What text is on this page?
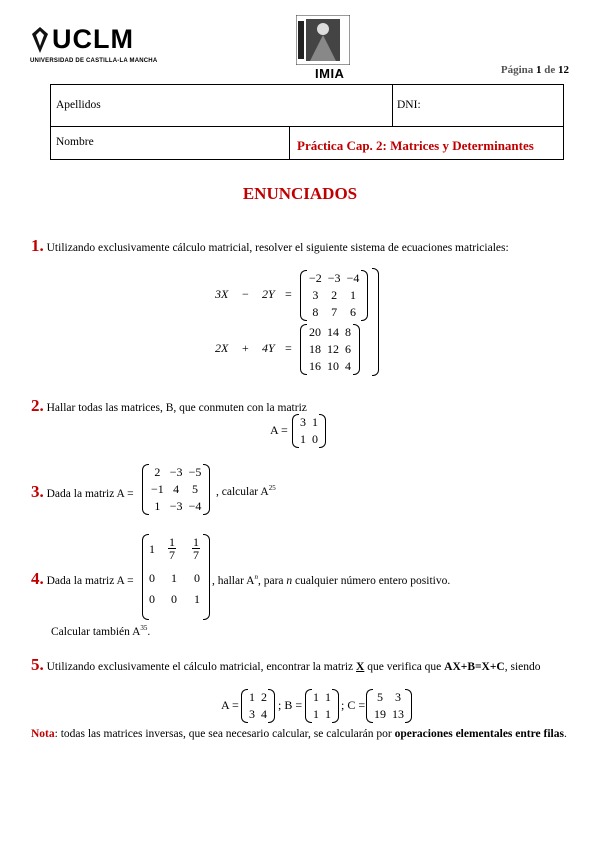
UCLM
UNIVERSIDAD DE CASTILLA-LA MANCHA
IMIA	Página 1 de 12
Apellidos	DNI:
Nombre	Práctica Cap. 2: Matrices y Determinantes
ENUNCIADOS
1. Utilizando exclusivamente cálculo matricial, resolver el siguiente sistema de ecuaciones matriciales:
3X − 2Y =
−2	−3	−4
3	2	1
8	7	6
2X + 4Y =
20	14	8
18	12	6
16	10	4
2. Hallar todas las matrices, B, que conmuten con la matriz
A =
3	1
1	0
3. Dada la matriz A =
2	−3	−5
−1	4	5
1	−3	−4
, calcular $A^{25}$
4. Dada la matriz A =
$1 \frac{1}{7} \frac{1}{7}$
0 1 0
0 0 1
, hallar $A^n$, para n cualquier número entero positivo.
Calcular también $A^{35}$.
5. Utilizando exclusivamente el cálculo matricial, encontrar la matriz X que verifica que AX+B=X+C, siendo
A =
1	2
3	4
; B =
1	1
1	1
; C =
5	3
19	13
Nota: todas las matrices inversas, que sea necesario calcular, se calcularán por operaciones elementales entre filas.
